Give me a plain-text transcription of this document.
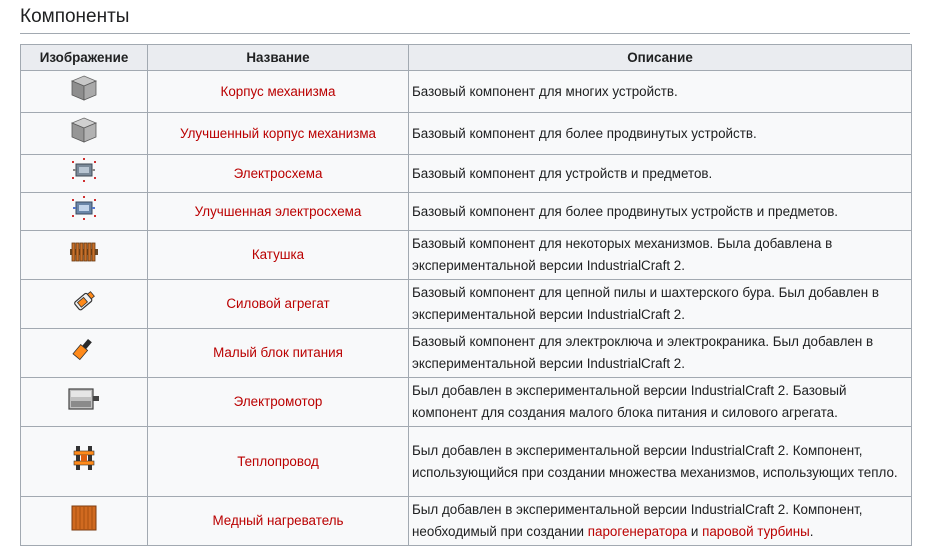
Компоненты
Изображение	Название	Описание
	Корпус механизма	Базовый компонент для многих устройств.
	Улучшенный корпус механизма	Базовый компонент для более продвинутых устройств.
	Электросхема	Базовый компонент для устройств и предметов.
	Улучшенная электросхема	Базовый компонент для более продвинутых устройств и предметов.
	Катушка	Базовый компонент для некоторых механизмов. Была добавлена в экспериментальной версии IndustrialCraft 2.
	Силовой агрегат	Базовый компонент для цепной пилы и шахтерского бура. Был добавлен в экспериментальной версии IndustrialCraft 2.
	Малый блок питания	Базовый компонент для электроключа и электрокраника. Был добавлен в экспериментальной версии IndustrialCraft 2.
	Электромотор	Был добавлен в экспериментальной версии IndustrialCraft 2. Базовый компонент для создания малого блока питания и силового агрегата.
	Теплопровод	Был добавлен в экспериментальной версии IndustrialCraft 2. Компонент, использующийся при создании множества механизмов, использующих тепло.
	Медный нагреватель	Был добавлен в экспериментальной версии IndustrialCraft 2. Компонент, необходимый при создании парогенератора и паровой турбины.
